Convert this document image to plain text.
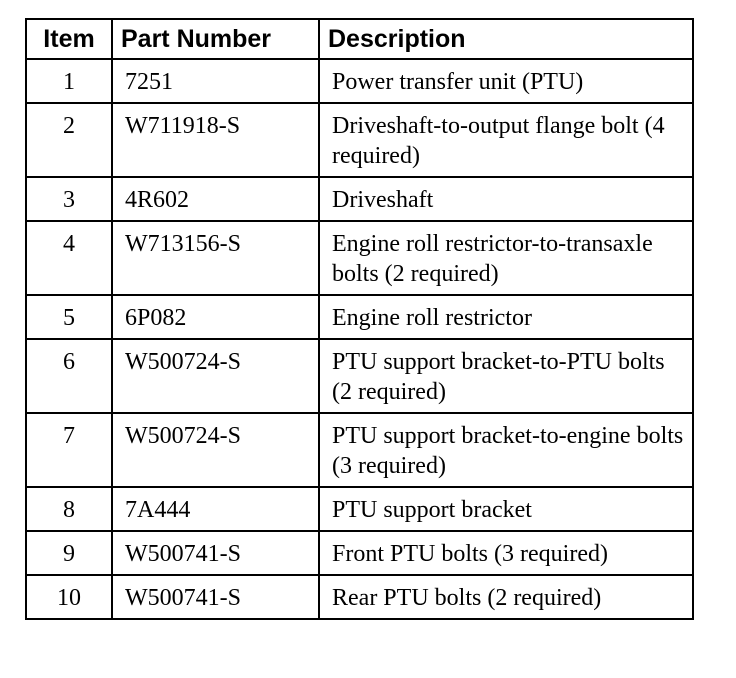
Item	Part Number	Description
1	7251	Power transfer unit (PTU)
2	W711918-S	Driveshaft-to-output flange bolt (4 required)
3	4R602	Driveshaft
4	W713156-S	Engine roll restrictor-to-transaxle bolts (2 required)
5	6P082	Engine roll restrictor
6	W500724-S	PTU support bracket-to-PTU bolts (2 required)
7	W500724-S	PTU support bracket-to-engine bolts (3 required)
8	7A444	PTU support bracket
9	W500741-S	Front PTU bolts (3 required)
10	W500741-S	Rear PTU bolts (2 required)
